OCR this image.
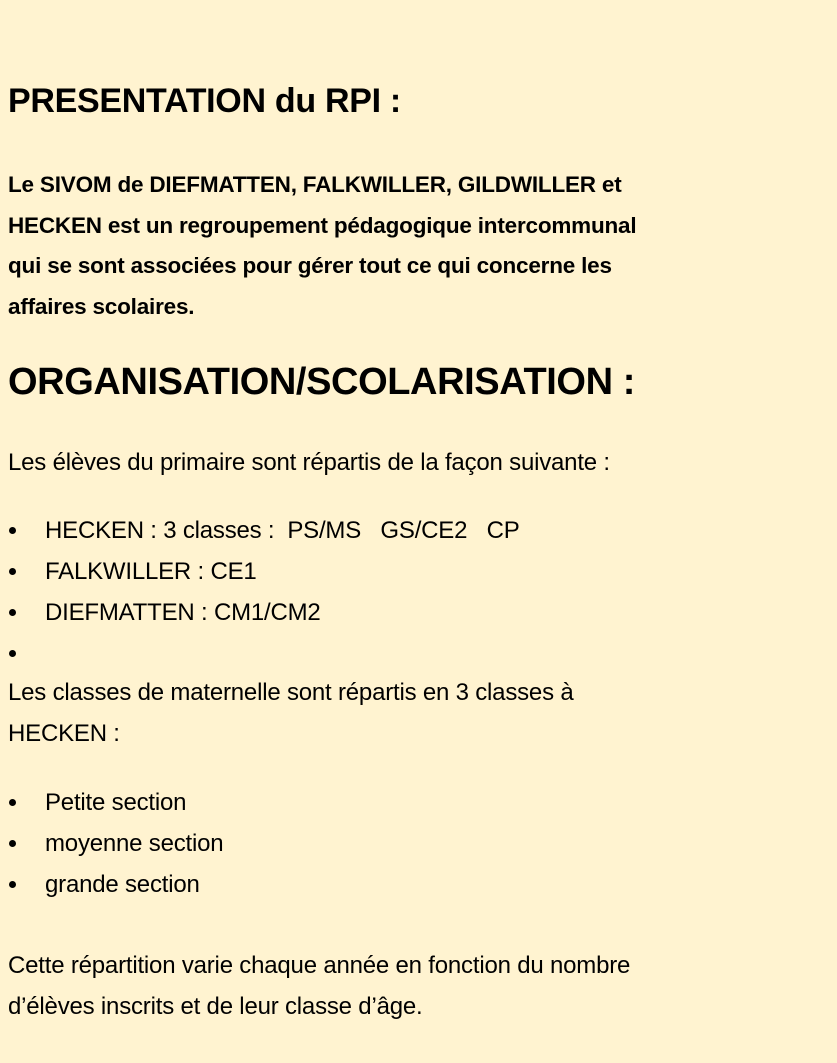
PRESENTATION du RPI :
Le SIVOM de DIEFMATTEN, FALKWILLER, GILDWILLER et
HECKEN est un regroupement pédagogique intercommunal
qui se sont associées pour gérer tout ce qui concerne les
affaires scolaires.
ORGANISATION/SCOLARISATION :
Les élèves du primaire sont répartis de la façon suivante :
HECKEN : 3 classes :  PS/MS   GS/CE2   CP
FALKWILLER : CE1
DIEFMATTEN : CM1/CM2
Les classes de maternelle sont répartis en 3 classes à
HECKEN :
Petite section
moyenne section
grande section
Cette répartition varie chaque année en fonction du nombre
d’élèves inscrits et de leur classe d’âge.
